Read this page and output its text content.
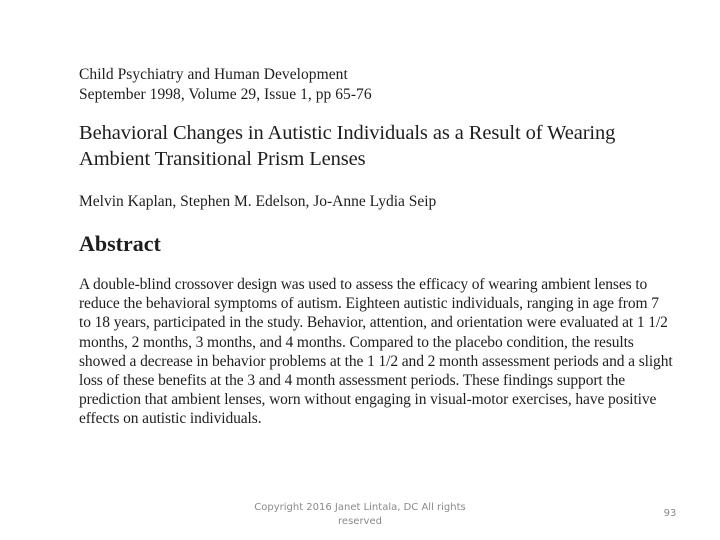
Child Psychiatry and Human Development
September 1998, Volume 29, Issue 1, pp 65-76
Behavioral Changes in Autistic Individuals as a Result of Wearing
Ambient Transitional Prism Lenses
Melvin Kaplan, Stephen M. Edelson, Jo-Anne Lydia Seip
Abstract
A double-blind crossover design was used to assess the efficacy of wearing ambient lenses to
reduce the behavioral symptoms of autism. Eighteen autistic individuals, ranging in age from 7
to 18 years, participated in the study. Behavior, attention, and orientation were evaluated at 1 1/2
months, 2 months, 3 months, and 4 months. Compared to the placebo condition, the results
showed a decrease in behavior problems at the 1 1/2 and 2 month assessment periods and a slight
loss of these benefits at the 3 and 4 month assessment periods. These findings support the
prediction that ambient lenses, worn without engaging in visual-motor exercises, have positive
effects on autistic individuals.
Copyright 2016 Janet Lintala, DC All rights
reserved
93
